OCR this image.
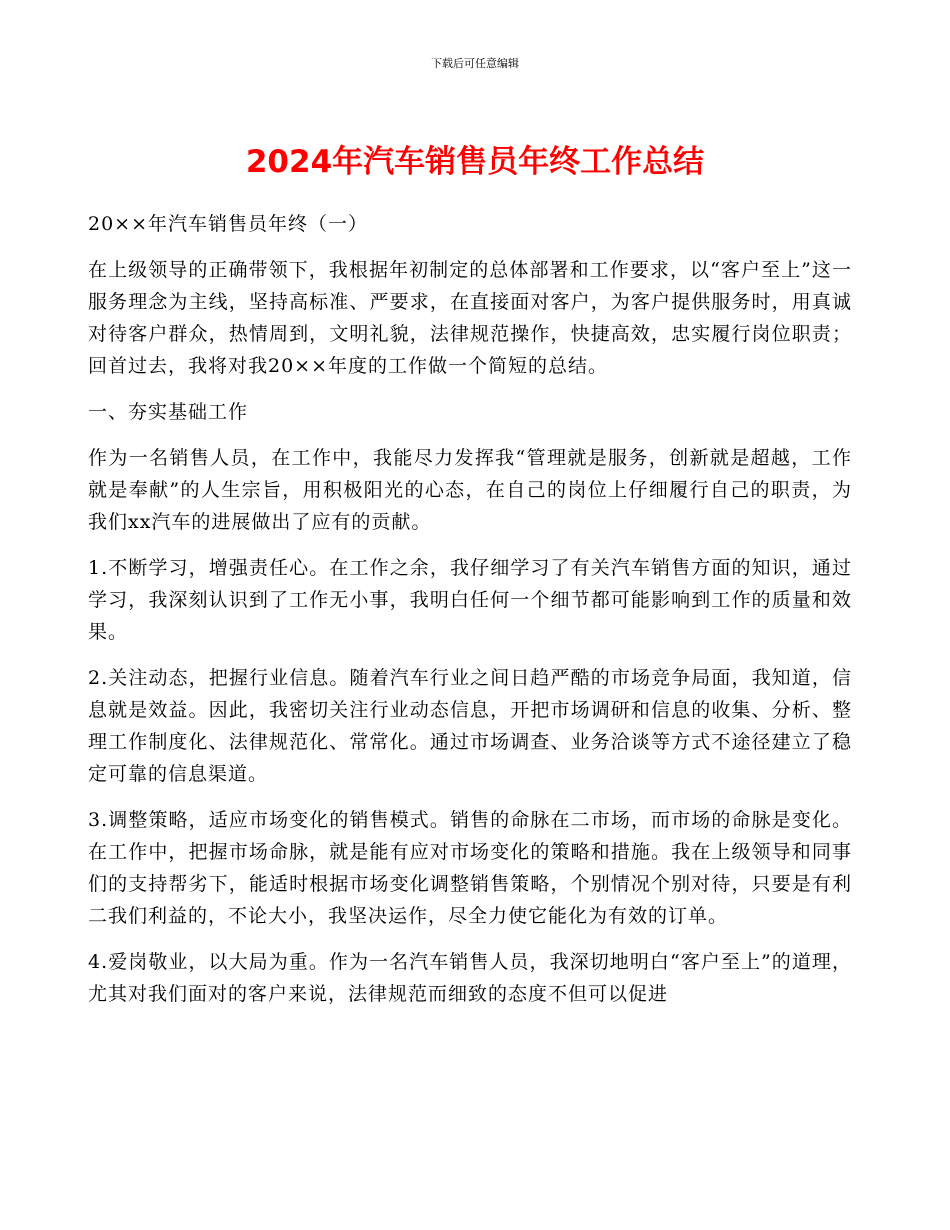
下载后可任意编辑
2024年汽车销售员年终工作总结

20××年汽车销售员年终（一）

在上级领导的正确带领下，我根据年初制定的总体部署和工作要求，以“客户至上”这一服务理念为主线，坚持高标准、严要求，在直接面对客户，为客户提供服务时，用真诚对待客户群众，热情周到，文明礼貌，法律规范操作，快捷高效，忠实履行岗位职责；回首过去，我将对我20××年度的工作做一个简短的总结。

一、夯实基础工作

作为一名销售人员，在工作中，我能尽力发挥我“管理就是服务，创新就是超越，工作就是奉献”的人生宗旨，用积极阳光的心态，在自己的岗位上仔细履行自己的职责，为我们xx汽车的进展做出了应有的贡献。

1.不断学习，增强责任心。在工作之余，我仔细学习了有关汽车销售方面的知识，通过学习，我深刻认识到了工作无小事，我明白任何一个细节都可能影响到工作的质量和效果。

2.关注动态，把握行业信息。随着汽车行业之间日趋严酷的市场竞争局面，我知道，信息就是效益。因此，我密切关注行业动态信息，开把市场调研和信息的收集、分析、整理工作制度化、法律规范化、常常化。通过市场调查、业务洽谈等方式不途径建立了稳定可靠的信息渠道。

3.调整策略，适应市场变化的销售模式。销售的命脉在二市场，而市场的命脉是变化。在工作中，把握市场命脉，就是能有应对市场变化的策略和措施。我在上级领导和同事们的支持帮劣下，能适时根据市场变化调整销售策略，个别情况个别对待，只要是有利二我们利益的，不论大小，我坚决运作，尽全力使它能化为有效的订单。

4.爱岗敬业，以大局为重。作为一名汽车销售人员，我深切地明白“客户至上”的道理，尤其对我们面对的客户来说，法律规范而细致的态度不但可以促进
